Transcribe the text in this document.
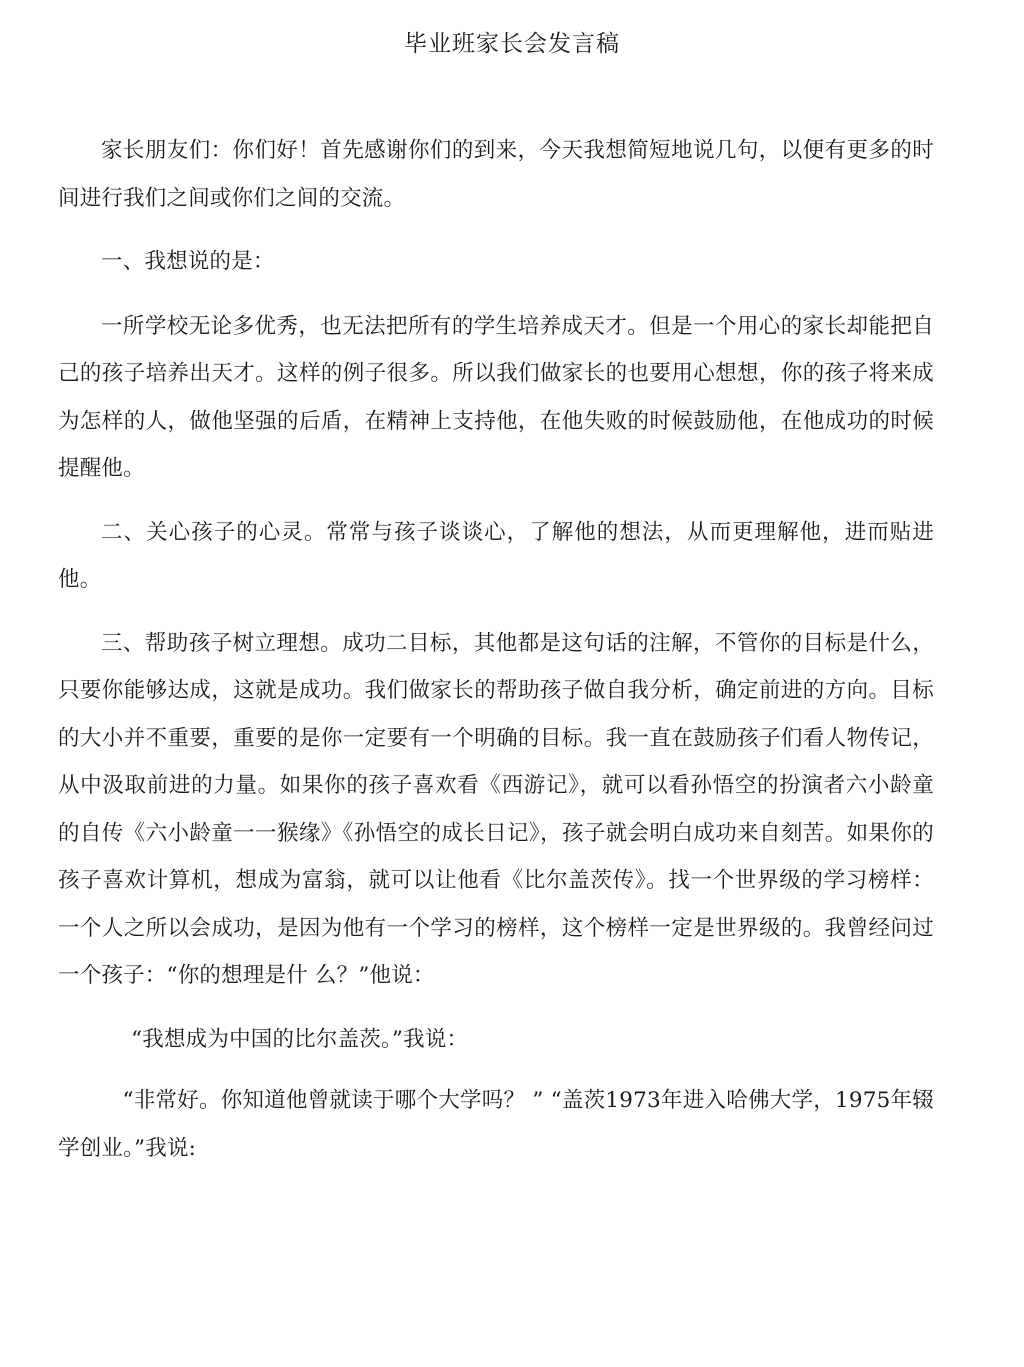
毕业班家长会发言稿

家长朋友们：你们好！首先感谢你们的到来，今天我想简短地说几句，以便有更多的时间进行我们之间或你们之间的交流。

一、我想说的是：

一所学校无论多优秀，也无法把所有的学生培养成天才。但是一个用心的家长却能把自己的孩子培养出天才。这样的例子很多。所以我们做家长的也要用心想想，你的孩子将来成为怎样的人，做他坚强的后盾，在精神上支持他，在他失败的时候鼓励他，在他成功的时候提醒他。

二、关心孩子的心灵。常常与孩子谈谈心，了解他的想法，从而更理解他，进而贴进他。

三、帮助孩子树立理想。成功二目标，其他都是这句话的注解，不管你的目标是什么，只要你能够达成，这就是成功。我们做家长的帮助孩子做自我分析，确定前进的方向。目标的大小并不重要，重要的是你一定要有一个明确的目标。我一直在鼓励孩子们看人物传记，从中汲取前进的力量。如果你的孩子喜欢看《西游记》，就可以看孙悟空的扮演者六小龄童的自传《六小龄童一一猴缘》《孙悟空的成长日记》，孩子就会明白成功来自刻苦。如果你的孩子喜欢计算机，想成为富翁，就可以让他看《比尔盖茨传》。找一个世界级的学习榜样：一个人之所以会成功，是因为他有一个学习的榜样，这个榜样一定是世界级的。我曾经问过一个孩子：“你的想理是什 么？”他说：

“我想成为中国的比尔盖茨。”我说：

“非常好。你知道他曾就读于哪个大学吗？ ” “盖茨1973年进入哈佛大学，1975年辍学创业。”我说:
